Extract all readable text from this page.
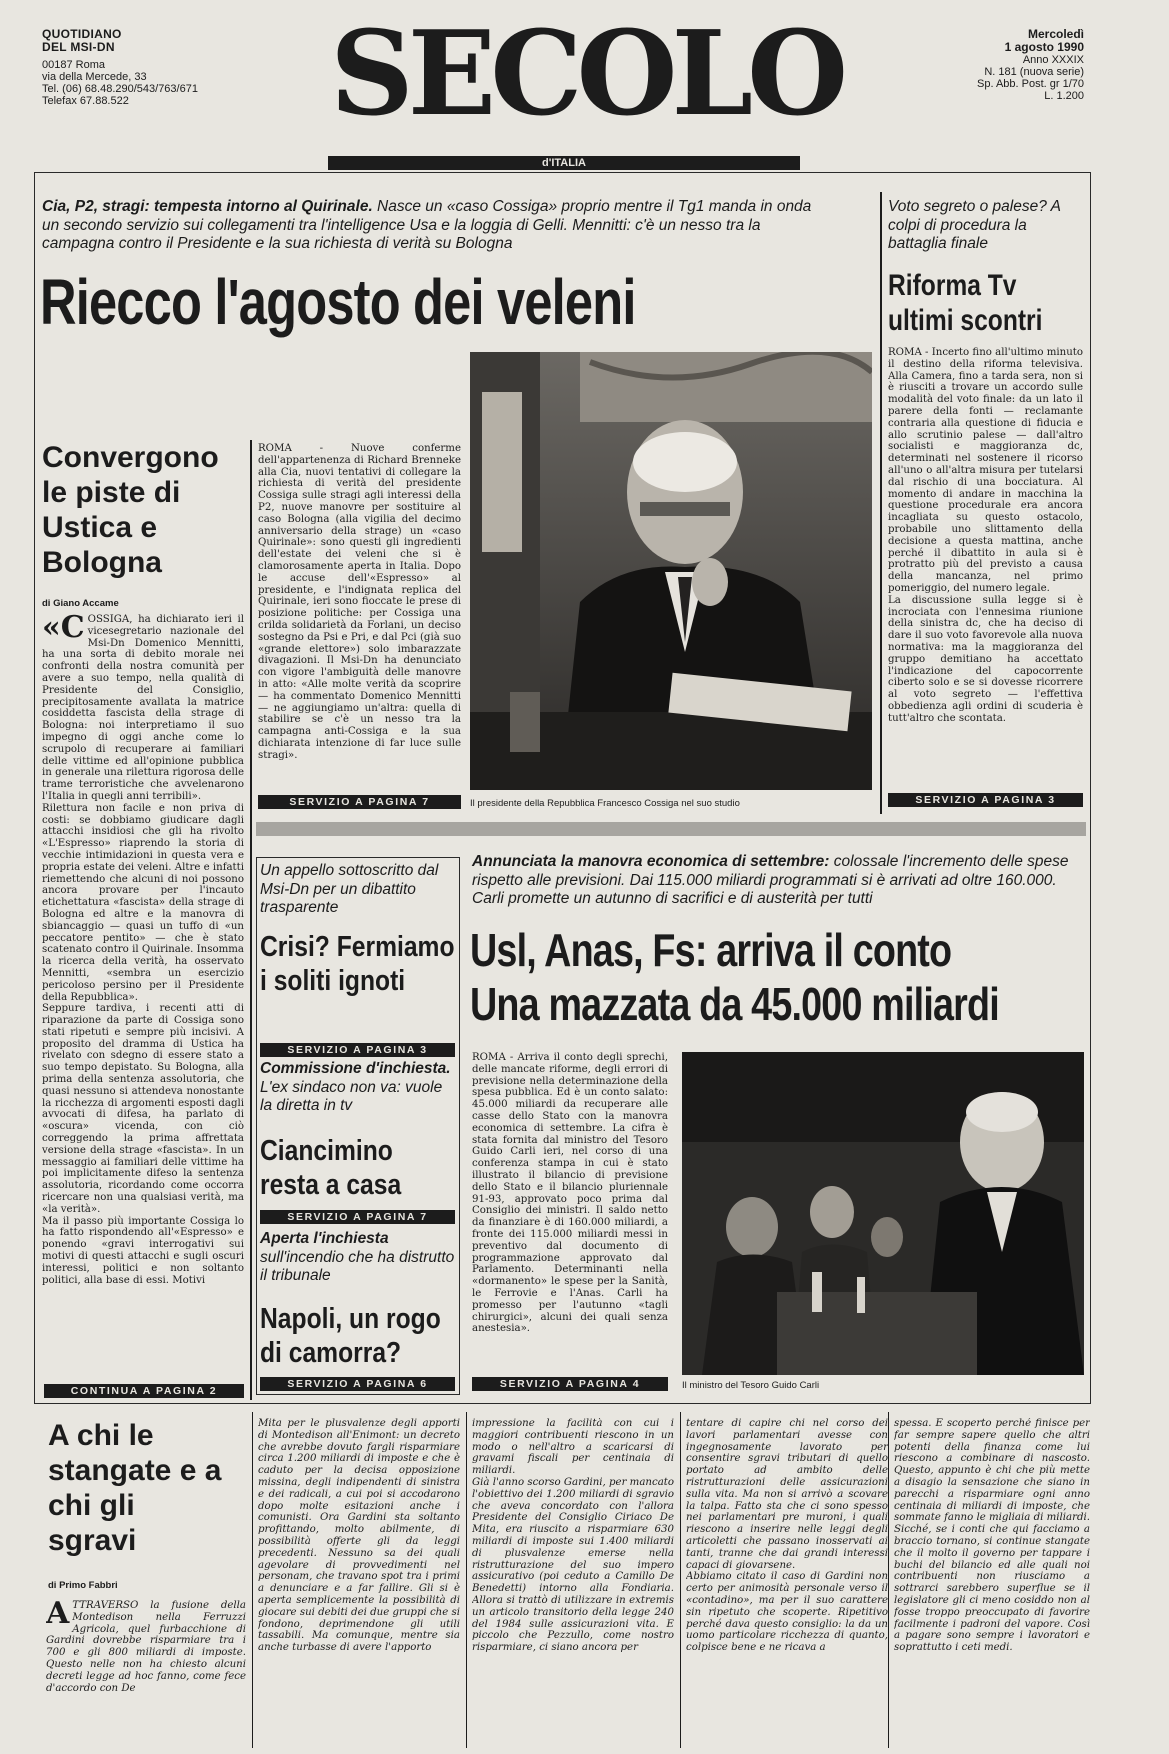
QUOTIDIANO
DEL MSI-DN
00187 Roma
via della Mercede, 33
Tel. (06) 68.48.290/543/763/671
Telefax 67.88.522	SECOLO
d'ITALIA
Mercoledì
1 agosto 1990
Anno XXXIX
N. 181 (nuova serie)
Sp. Abb. Post. gr 1/70
L. 1.200
Cia, P2, stragi: tempesta intorno al Quirinale. Nasce un «caso Cossiga» proprio mentre il Tg1 manda in onda un secondo servizio sui collegamenti tra l'intelligence Usa e la loggia di Gelli. Mennitti: c'è un nesso tra la campagna contro il Presidente e la sua richiesta di verità su Bologna
Riecco l'agosto dei veleni
Il presidente della Repubblica Francesco Cossiga nel suo studio
ROMA - Nuove conferme dell'appartenenza di Richard Brenneke alla Cia, nuovi tentativi di collegare la richiesta di verità del presidente Cossiga sulle stragi agli interessi della P2, nuove manovre per sostituire al caso Bologna (alla vigilia del decimo anniversario della strage) un «caso Quirinale»: sono questi gli ingredienti dell'estate dei veleni che si è clamorosamente aperta in Italia. Dopo le accuse dell'«Espresso» al presidente, e l'indignata replica del Quirinale, ieri sono fioccate le prese di posizione politiche: per Cossiga una crilda solidarietà da Forlani, un deciso sostegno da Psi e Pri, e dal Pci (già suo «grande elettore») solo imbarazzate divagazioni. Il Msi-Dn ha denunciato con vigore l'ambiguità delle manovre in atto: «Alle molte verità da scoprire — ha commentato Domenico Mennitti — ne aggiungiamo un'altra: quella di stabilire se c'è un nesso tra la campagna anti-Cossiga e la sua dichiarata intenzione di far luce sulle stragi».
SERVIZIO A PAGINA 7
Convergono le piste di Ustica e Bologna
di Giano Accame
«COSSIGA, ha dichiarato ieri il vicesegretario nazionale del Msi-Dn Domenico Mennitti, ha una sorta di debito morale nei confronti della nostra comunità per avere a suo tempo, nella qualità di Presidente del Consiglio, precipitosamente avallata la matrice cosiddetta fascista della strage di Bologna: noi interpretiamo il suo impegno di oggi anche come lo scrupolo di recuperare ai familiari delle vittime ed all'opinione pubblica in generale una rilettura rigorosa delle trame terroristiche che avvelenarono l'Italia in quegli anni terribili».
Rilettura non facile e non priva di costi: se dobbiamo giudicare dagli attacchi insidiosi che gli ha rivolto «L'Espresso» riaprendo la storia di vecchie intimidazioni in questa vera e propria estate dei veleni. Altre e infatti riemettendo che alcuni di noi possono ancora provare per l'incauto etichettatura «fascista» della strage di Bologna ed altre e la manovra di sbiancaggio — quasi un tuffo di «un peccatore pentito» — che è stato scatenato contro il Quirinale. Insomma la ricerca della verità, ha osservato Mennitti, «sembra un esercizio pericoloso persino per il Presidente della Repubblica».
Seppure tardiva, i recenti atti di riparazione da parte di Cossiga sono stati ripetuti e sempre più incisivi. A proposito del dramma di Ustica ha rivelato con sdegno di essere stato a suo tempo depistato. Su Bologna, alla prima della sentenza assolutoria, che quasi nessuno si attendeva nonostante la ricchezza di argomenti esposti dagli avvocati di difesa, ha parlato di «oscura» vicenda, con ciò correggendo la prima affrettata versione della strage «fascista». In un messaggio ai familiari delle vittime ha poi implicitamente difeso la sentenza assolutoria, ricordando come occorra ricercare non una qualsiasi verità, ma «la verità».
Ma il passo più importante Cossiga lo ha fatto rispondendo all'«Espresso» e ponendo «gravi interrogativi sui motivi di questi attacchi e sugli oscuri interessi, politici e non soltanto politici, alla base di essi. Motivi
CONTINUA A PAGINA 2
Voto segreto o palese? A colpi di procedura la battaglia finale
Riforma Tv ultimi scontri
ROMA - Incerto fino all'ultimo minuto il destino della riforma televisiva. Alla Camera, fino a tarda sera, non si è riusciti a trovare un accordo sulle modalità del voto finale: da un lato il parere della fonti — reclamante contraria alla questione di fiducia e allo scrutinio palese — dall'altro socialisti e maggioranza dc, determinati nel sostenere il ricorso all'uno o all'altra misura per tutelarsi dal rischio di una bocciatura. Al momento di andare in macchina la questione procedurale era ancora incagliata su questo ostacolo, probabile uno slittamento della decisione a questa mattina, anche perché il dibattito in aula si è protratto più del previsto a causa della mancanza, nel primo pomeriggio, del numero legale.
La discussione sulla legge si è incrociata con l'ennesima riunione della sinistra dc, che ha deciso di dare il suo voto favorevole alla nuova normativa: ma la maggioranza del gruppo demitiano ha accettato l'indicazione del capocorrente ciberto solo e se si dovesse ricorrere al voto segreto — l'effettiva obbedienza agli ordini di scuderia è tutt'altro che scontata.
SERVIZIO A PAGINA 3
Un appello sottoscritto dal Msi-Dn per un dibattito trasparente
Crisi? Fermiamo i soliti ignoti
SERVIZIO A PAGINA 3
Commissione d'inchiesta. L'ex sindaco non va: vuole la diretta in tv
Ciancimino resta a casa
SERVIZIO A PAGINA 7
Aperta l'inchiesta sull'incendio che ha distrutto il tribunale
Napoli, un rogo di camorra?
SERVIZIO A PAGINA 6
Annunciata la manovra economica di settembre: colossale l'incremento delle spese rispetto alle previsioni. Dai 115.000 miliardi programmati si è arrivati ad oltre 160.000. Carli promette un autunno di sacrifici e di austerità per tutti
Usl, Anas, Fs: arriva il conto
Una mazzata da 45.000 miliardi
ROMA - Arriva il conto degli sprechi, delle mancate riforme, degli errori di previsione nella determinazione della spesa pubblica. Ed è un conto salato: 45.000 miliardi da recuperare alle casse dello Stato con la manovra economica di settembre. La cifra è stata fornita dal ministro del Tesoro Guido Carli ieri, nel corso di una conferenza stampa in cui è stato illustrato il bilancio di previsione dello Stato e il bilancio pluriennale 91-93, approvato poco prima dal Consiglio dei ministri. Il saldo netto da finanziare è di 160.000 miliardi, a fronte dei 115.000 miliardi messi in preventivo dal documento di programmazione approvato dal Parlamento. Determinanti nella «dormanento» le spese per la Sanità, le Ferrovie e l'Anas. Carli ha promesso per l'autunno «tagli chirurgici», alcuni dei quali senza anestesia».
SERVIZIO A PAGINA 4	Il ministro del Tesoro Guido Carli
A chi le stangate e a chi gli sgravi
di Primo Fabbri
ATTRAVERSO la fusione della Montedison nella Ferruzzi Agricola, quel furbacchione di Gardini dovrebbe risparmiare tra i 700 e gli 800 miliardi di imposte. Questo nelle non ha chiesto alcuni decreti legge ad hoc fanno, come fece d'accordo con De
Mita per le plusvalenze degli apporti di Montedison all'Enimont: un decreto che avrebbe dovuto fargli risparmiare circa 1.200 miliardi di imposte e che è caduto per la decisa opposizione missina, degli indipendenti di sinistra e dei radicali, a cui poi si accodarono dopo molte esitazioni anche i comunisti. Ora Gardini sta soltanto profittando, molto abilmente, di possibilità offerte gli da leggi precedenti. Nessuno sa dei quali agevolare di provvedimenti nel personam, che travano spot tra i primi a denunciare e a far fallire. Gli si è aperta semplicemente la possibilità di giocare sui debiti dei due gruppi che si fondono, deprimendone gli utili tassabili. Ma comunque, mentre sia anche turbasse di avere l'apporto
impressione la facilità con cui i maggiori contribuenti riescono in un modo o nell'altro a scaricarsi di gravami fiscali per centinaia di miliardi.
Già l'anno scorso Gardini, per mancato l'obiettivo dei 1.200 miliardi di sgravio che aveva concordato con l'allora Presidente del Consiglio Ciriaco De Mita, era riuscito a risparmiare 630 miliardi di imposte sui 1.400 miliardi di plusvalenze emerse nella ristrutturazione del suo impero assicurativo (poi ceduto a Camillo De Benedetti) intorno alla Fondiaria. Allora si trattò di utilizzare in extremis un articolo transitorio della legge 240 del 1984 sulle assicurazioni vita. E piccolo che Pezzullo, come nostro risparmiare, ci siano ancora per
tentare di capire chi nel corso dei lavori parlamentari avesse con ingegnosamente lavorato per consentire sgravi tributari di quello portato ad ambito delle ristrutturazioni delle assicurazioni sulla vita. Ma non si arrivò a scovare la talpa. Fatto sta che ci sono spesso nei parlamentari pre muroni, i quali riescono a inserire nelle leggi degli articoletti che passano inosservati ai tanti, tranne che dai grandi interessi capaci di giovarsene.
Abbiamo citato il caso di Gardini non certo per animosità personale verso il «contadino», ma per il suo carattere sin ripetuto che scoperte. Ripetitivo perché dava questo consiglio: la da un uomo particolare ricchezza di quanto, colpisce bene e ne ricava a
spessa. E scoperto perché finisce per far sempre sapere quello che altri potenti della finanza come lui riescono a combinare di nascosto. Questo, appunto è chi che più mette a disagio la sensazione che siano in parecchi a risparmiare ogni anno centinaia di miliardi di imposte, che sommate fanno le migliaia di miliardi. Sicché, se i conti che qui facciamo a braccio tornano, si continue stangate che il molto il governo per tappare i buchi del bilancio ed alle quali noi contribuenti non riusciamo a sottrarci sarebbero superflue se il legislatore gli ci meno cosiddo non al fosse troppo preoccupato di favorire facilmente i padroni del vapore. Così a pagare sono sempre i lavoratori e soprattutto i ceti medi.
